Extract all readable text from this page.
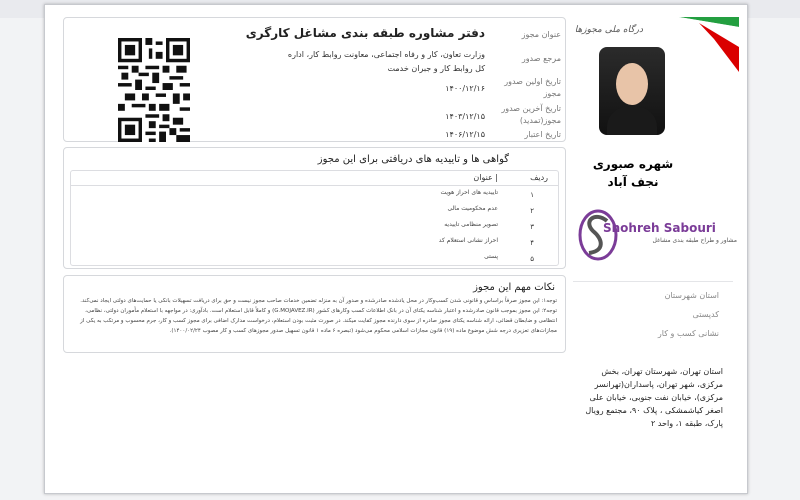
عنوان مجوز
مرجع صدور
تاریخ اولین صدور مجوز
تاریخ آخرین صدور مجوز(تمدید)
تاریخ اعتبار
دفتر مشاوره طبقه بندی مشاغل کارگری
وزارت تعاون، کار و رفاه اجتماعی، معاونت روابط کار، اداره کل روابط کار و جبران خدمت
۱۴۰۰/۱۲/۱۶
۱۴۰۳/۱۲/۱۵
۱۴۰۶/۱۲/۱۵
گواهی ها و تاییدیه های دریافتی برای این مجوز
ردیف
| عنوان
۱
تاییدیه های احراز هویت
۲
عدم محکومیت مالی
۳
تصویر منظامی تاییدیه
۴
احراز نشانی استعلام کد
۵
پستی
نکات مهم این مجوز
توجه۱: این مجوز صرفاً براساس و قانونی شدن کسب‌وکار در محل یادشده صادرشده و صدور آن به منزله تضمین خدمات صاحب مجوز نیست و حق برای دریافت تسهیلات بانکی یا حمایت‌های دولتی ایجاد نمی‌کند.
توجه۲: این مجوز بموجب قانون صادرشده و اعتبار شناسه یکتای آن در بانک اطلاعات کسب وکارهای کشور (G.MOJAVEZ.IR) و کاملاً قابل استعلام است. بادآوری: در مواجهه با استعلام مأموران دولتی، نظامی، انتظامی و ضابطان قضائی، ارائه شناسه یکتای مجوز صادره از سوی دارنده مجوز کفایت میکند. در صورت مثبت بودن استعلام، درخواست مدارک اضافی برای مجوز کسب و کار، جرم محسوب و مرتکب به یکی از مجازات‌های تعزیری درجه شش موضوع ماده (۱۹) قانون مجازات اسلامی محکوم می‌شود (تبصره ۶ ماده ۱ قانون تسهیل صدور مجوزهای کسب و کار مصوب ۱۴۰۰/۰۲/۲۴).
درگاه ملی مجوزها
شهره صبوری
نجف آباد
Shohreh Sabouri
مشاور و طراح طبقه بندی مشاغل
استان شهرستان
کدپستی
نشانی کسب و کار
استان تهران، شهرستان تهران، بخش مرکزی، شهر تهران، پاسداران(تهرانسر مرکزی)، خیابان نفت جنوبی، خیابان علی اصغر کیاشمشکی ، پلاک ۹۰، مجتمع رویال پارک، طبقه ۱، واحد ۲
